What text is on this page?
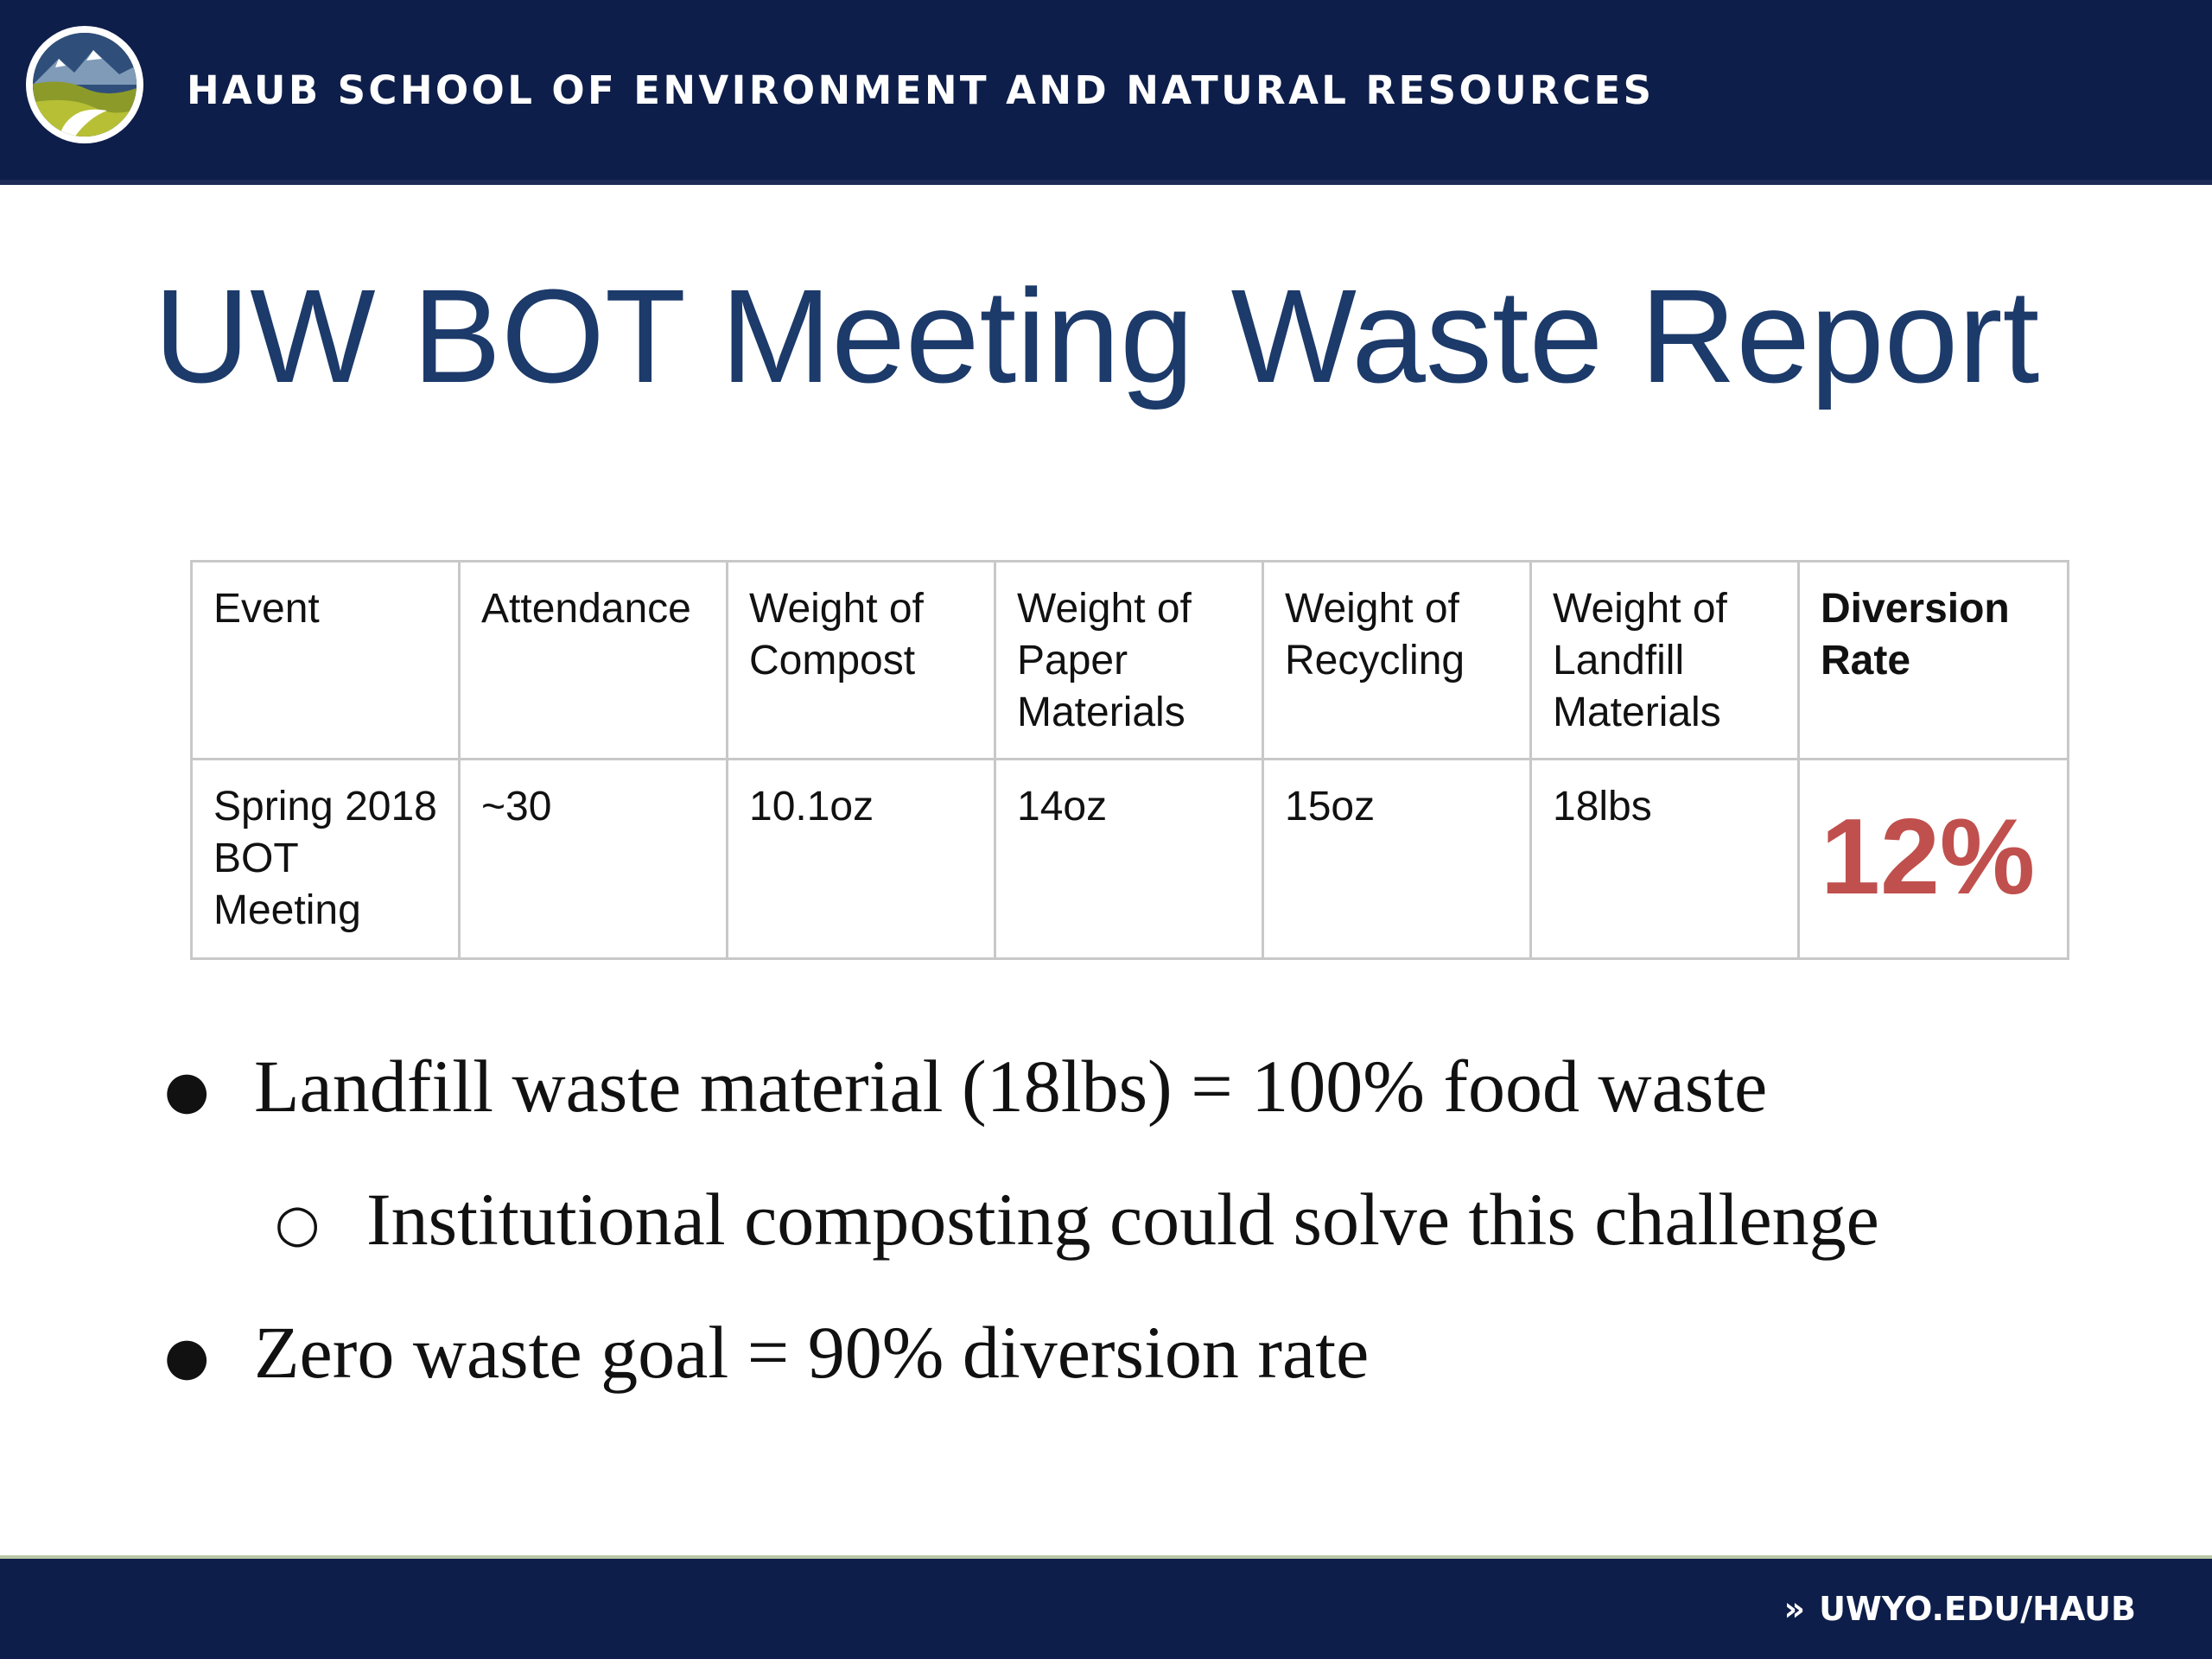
HAUB SCHOOL OF ENVIRONMENT AND NATURAL RESOURCES
UW BOT Meeting Waste Report
Event	Attendance	Weight of Compost	Weight of Paper Materials	Weight of Recycling	Weight of Landfill Materials	Diversion Rate
Spring 2018 BOT Meeting	~30	10.1oz	14oz	15oz	18lbs	12%
● Landfill waste material (18lbs) = 100% food waste
○ Institutional composting could solve this challenge
● Zero waste goal = 90% diversion rate
» UWYO.EDU/HAUB
